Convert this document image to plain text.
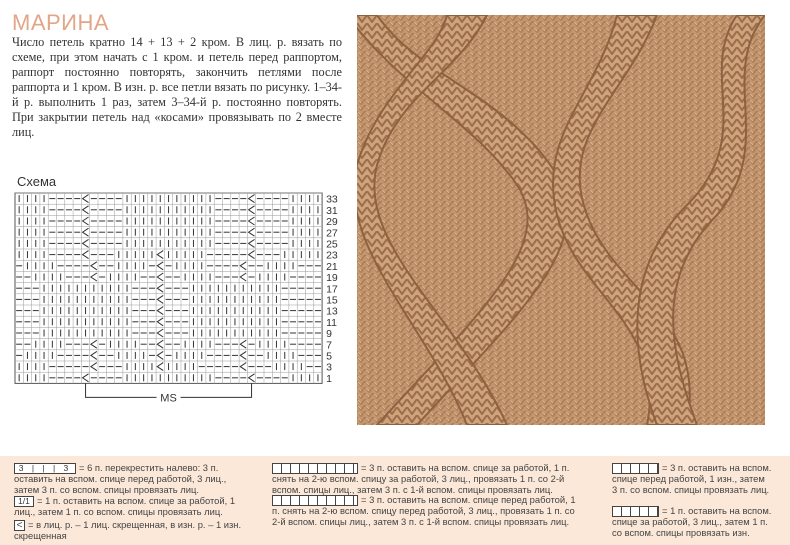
МАРИНА
Число петель кратно 14 + 13 + 2 кром. В лиц. р. вязать по схеме, при этом начать с 1 кром. и петель перед раппортом, раппорт постоянно повторять, закончить петлями после раппорта и 1 кром. В изн. р. все петли вязать по рисунку. 1–34-й р. выполнить 1 раз, затем 3–34-й р. постоянно повторять. При закрытии петель над «косами» провязывать по 2 вместе лиц.
Схема
33
31
29
27
25
23
21
19
17
15
13
11
9
7
5
3
1
MS
3 | | | 3 = 6 п. перекрестить налево: 3 п. оставить на вспом. спице перед работой, 3 лиц., затем 3 п. со вспом. спицы провязать лиц.
1/1 = 1 п. оставить на вспом. спице за работой, 1 лиц., затем 1 п. со вспом. спицы провязать лиц.
< = в лиц. р. – 1 лиц. скрещенная, в изн. р. – 1 изн. скрещенная
= 3 п. оставить на вспом. спице за работой, 1 п. снять на 2-ю вспом. спицу за работой, 3 лиц., провязать 1 п. со 2-й вспом. спицы лиц., затем 3 п. с 1-й вспом. спицы провязать лиц.
= 3 п. оставить на вспом. спице перед работой, 1 п. снять на 2-ю вспом. спицу перед работой, 3 лиц., провязать 1 п. со 2-й вспом. спицы лиц., затем 3 п. с 1-й вспом. спицы провязать лиц.
= 3 п. оставить на вспом. спице перед работой, 1 изн., затем 3 п. со вспом. спицы провязать лиц.
= 1 п. оставить на вспом. спице за работой, 3 лиц., затем 1 п. со вспом. спицы провязать изн.
